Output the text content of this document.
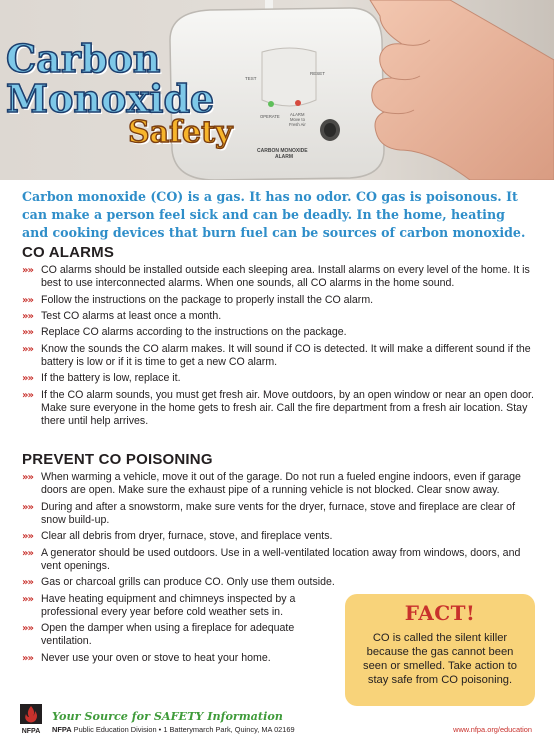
TEST
RESET
OPERATE ALARM Move to Fresh Air
CARBON MONOXIDE ALARM
Carbon
Monoxide
Safety

Carbon monoxide (CO) is a gas. It has no odor. CO gas is poisonous. It can make a person feel sick and can be deadly. In the home, heating and cooking devices that burn fuel can be sources of carbon monoxide.

CO ALARMS
»» CO alarms should be installed outside each sleeping area. Install alarms on every level of the home. It is best to use interconnected alarms. When one sounds, all CO alarms in the home sound.
»» Follow the instructions on the package to properly install the CO alarm.
»» Test CO alarms at least once a month.
»» Replace CO alarms according to the instructions on the package.
»» Know the sounds the CO alarm makes. It will sound if CO is detected. It will make a different sound if the battery is low or if it is time to get a new CO alarm.
»» If the battery is low, replace it.
»» If the CO alarm sounds, you must get fresh air. Move outdoors, by an open window or near an open door. Make sure everyone in the home gets to fresh air. Call the fire department from a fresh air location. Stay there until help arrives.
PREVENT CO POISONING
»» When warming a vehicle, move it out of the garage. Do not run a fueled engine indoors, even if garage doors are open. Make sure the exhaust pipe of a running vehicle is not blocked. Clear snow away.
»» During and after a snowstorm, make sure vents for the dryer, furnace, stove and fireplace are clear of snow build-up.
»» Clear all debris from dryer, furnace, stove, and fireplace vents.
»» A generator should be used outdoors. Use in a well-ventilated location away from windows, doors, and vent openings.
»» Gas or charcoal grills can produce CO. Only use them outside.
»» Have heating equipment and chimneys inspected by a professional every year before cold weather sets in.
»» Open the damper when using a fireplace for adequate ventilation.
»» Never use your oven or stove to heat your home.
FACT!

CO is called the silent killer because the gas cannot been seen or smelled. Take action to stay safe from CO poisoning.

NFPA
Your Source for SAFETY Information
NFPA Public Education Division • 1 Batterymarch Park, Quincy, MA 02169	www.nfpa.org/education
